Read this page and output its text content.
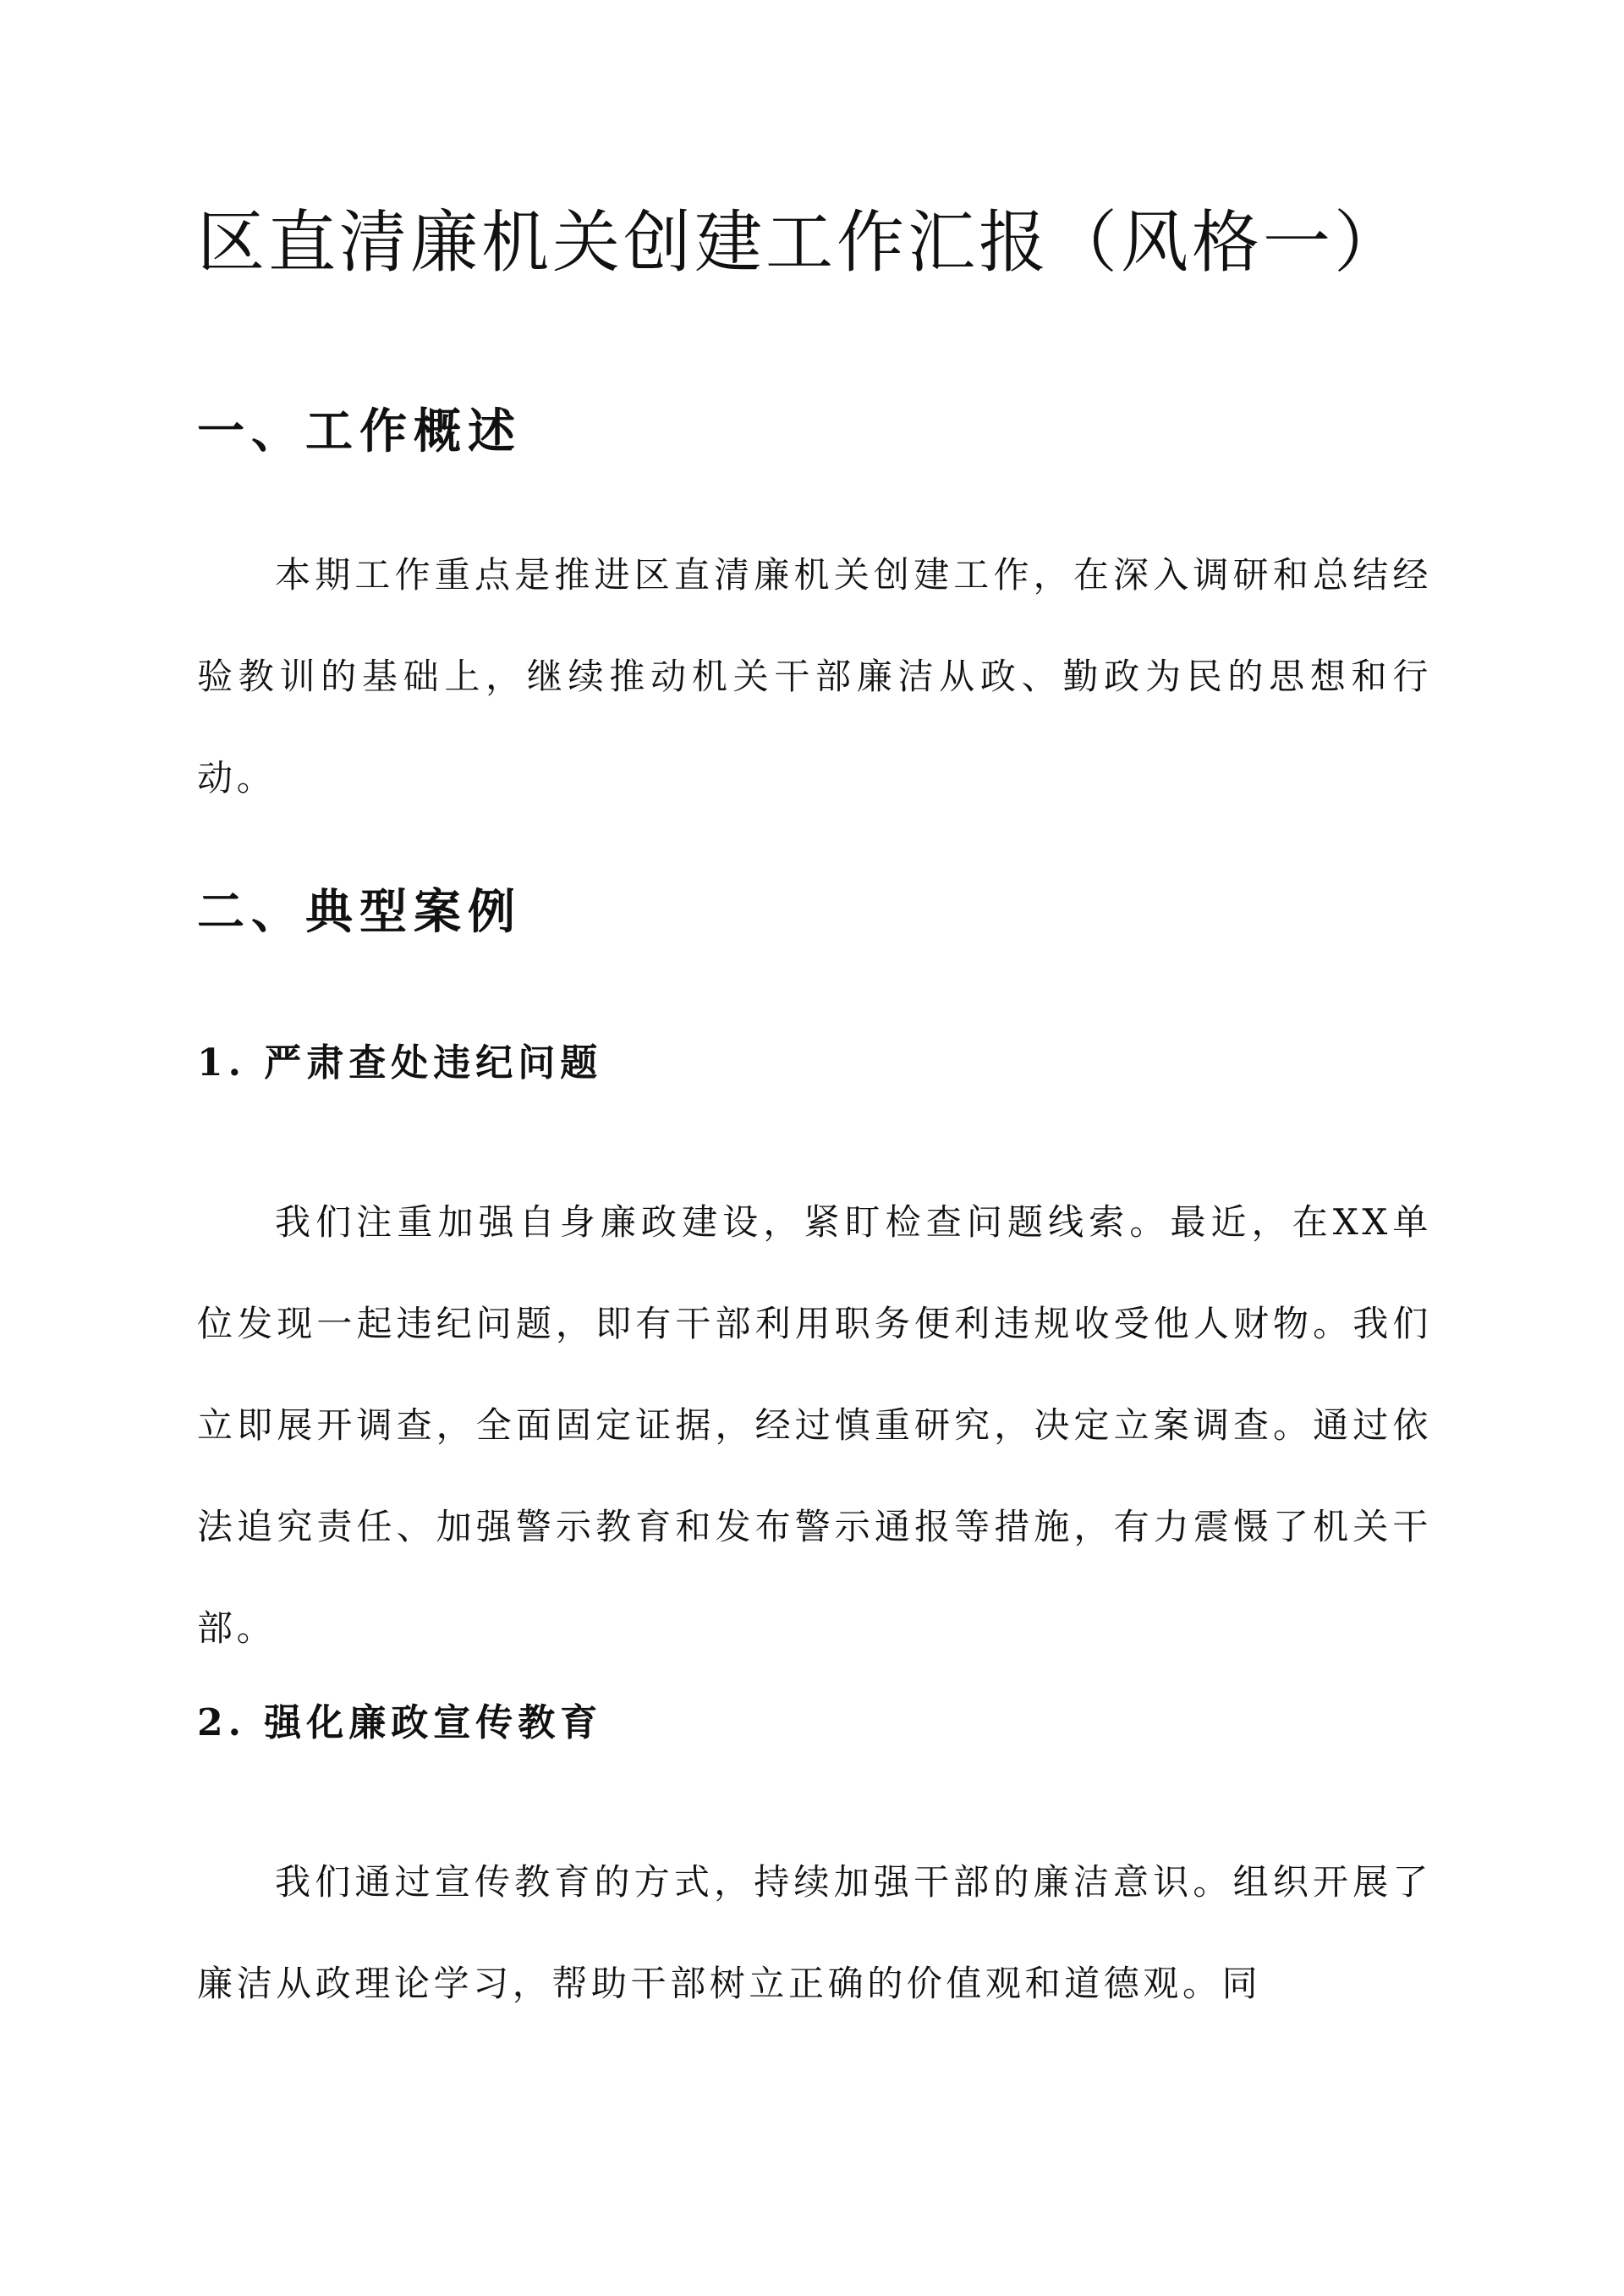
区直清廉机关创建工作汇报（风格一）
一、工作概述

本期工作重点是推进区直清廉机关创建工作，在深入调研和总结经验教训的基础上，继续推动机关干部廉洁从政、勤政为民的思想和行动。

二、典型案例
1. 严肃查处违纪问题

我们注重加强自身廉政建设，紧盯检查问题线索。最近，在XX单位发现一起违纪问题，即有干部利用职务便利违规收受他人财物。我们立即展开调查，全面固定证据，经过慎重研究，决定立案调查。通过依法追究责任、加强警示教育和发布警示通报等措施，有力震慑了机关干部。

2. 强化廉政宣传教育

我们通过宣传教育的方式，持续加强干部的廉洁意识。组织开展了廉洁从政理论学习，帮助干部树立正确的价值观和道德观。同
